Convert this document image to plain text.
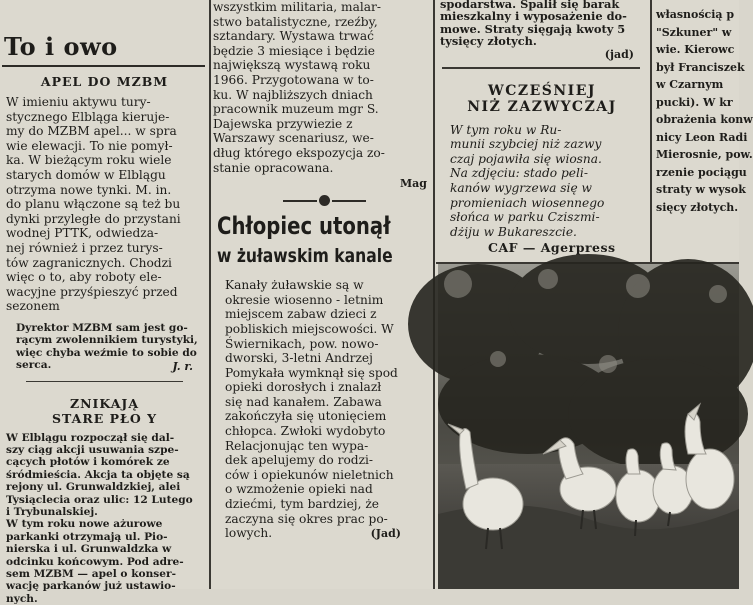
To i owo
APEL DO MZBM
W imieniu aktywu tury-
stycznego Elbląga kieruje-
my do MZBM apel... w spra
wie elewacji. To nie pomył-
ka. W bieżącym roku wiele
starych domów w Elblągu
otrzyma nowe tynki. M. in.
do planu włączone są też bu
dynki przyległe do przystani
wodnej PTTK, odwiedza-
nej również i przez turys-
tów zagranicznych. Chodzi
więc o to, aby roboty ele-
wacyjne przyśpieszyć przed
sezonem
Dyrektor MZBM sam jest go-
rącym zwolennikiem turystyki,
więc chyba weźmie to sobie do
serca.	J. r.
ZNIKAJĄ
STARE PŁO Y
W Elblągu rozpoczął się dal-
szy ciąg akcji usuwania szpe-
cących płotów i komórek ze
śródmieścia. Akcja ta objęte są
rejony ul. Grunwaldzkiej, alei
Tysiąclecia oraz ulic: 12 Lutego
i Trybunalskiej.
W tym roku nowe ażurowe
parkanki otrzymają ul. Pio-
nierska i ul. Grunwaldzka w
odcinku końcowym. Pod adre-
sem MZBM — apel o konser-
wację parkanów już ustawio-
nych.
wszystkim militaria, malar-
stwo batalistyczne, rzeźby,
sztandary. Wystawa trwać
będzie 3 miesiące i będzie
największą wystawą roku
1966. Przygotowana w to-
ku. W najbliższych dniach
pracownik muzeum mgr S.
Dajewska przywiezie z
Warszawy scenariusz, we-
dług którego ekspozycja zo-
stanie opracowana.
Mag
Chłopiec utonął
w żuławskim kanale
Kanały żuławskie są w
okresie wiosenno - letnim
miejscem zabaw dzieci z
pobliskich miejscowości. W
Świernikach, pow. nowo-
dworski, 3-letni Andrzej
Pomykała wymknął się spod
opieki dorosłych i znalazł
się nad kanałem. Zabawa
zakończyła się utonięciem
chłopca. Zwłoki wydobyto
Relacjonując ten wypa-
dek apelujemy do rodzi-
ców i opiekunów nieletnich
o wzmożenie opieki nad
dziećmi, tym bardziej, że
zaczyna się okres prac po-
lowych.	(Jad)
spodarstwa. Spalił się barak
mieszkalny i wyposażenie do-
mowe. Straty sięgają kwoty 5
tysięcy złotych.
(jad)
WCZEŚNIEJ
NIŻ ZAZWYCZAJ
W tym roku w Ru-
munii szybciej niż zazwy
czaj pojawiła się wiosna.
Na zdjęciu: stado peli-
kanów wygrzewa się w
promieniach wiosennego
słońca w parku Cziszmi-
dżiju w Bukareszcie.
CAF — Agerpress
własnością p
"Szkuner" w
wie. Kierowc
był Franciszek
w Czarnym
pucki). W kr
obrażenia konw
nicy Leon Radi
Mierosnie, pow.
rzenie pociągu
straty w wysok
sięcy złotych.
